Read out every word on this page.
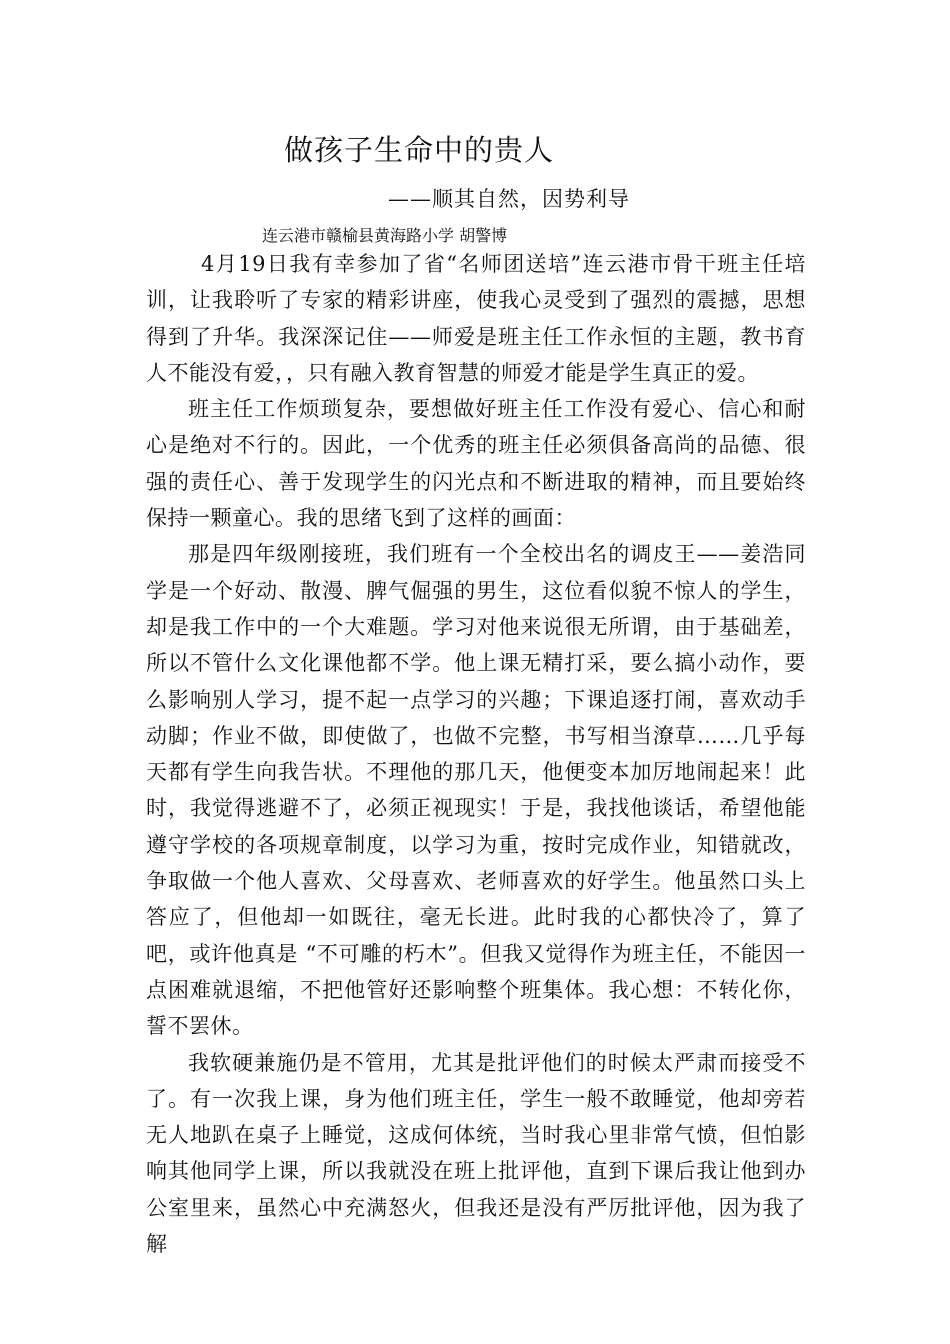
做孩子生命中的贵人
——顺其自然，因势利导
连云港市赣榆县黄海路小学 胡警博

4月19日我有幸参加了省“名师团送培”连云港市骨干班主任培训，让我聆听了专家的精彩讲座，使我心灵受到了强烈的震撼，思想得到了升华。我深深记住——师爱是班主任工作永恒的主题，教书育人不能没有爱，，只有融入教育智慧的师爱才能是学生真正的爱。

班主任工作烦琐复杂，要想做好班主任工作没有爱心、信心和耐心是绝对不行的。因此，一个优秀的班主任必须俱备高尚的品德、很强的责任心、善于发现学生的闪光点和不断进取的精神，而且要始终保持一颗童心。我的思绪飞到了这样的画面：

那是四年级刚接班，我们班有一个全校出名的调皮王——姜浩同学是一个好动、散漫、脾气倔强的男生，这位看似貌不惊人的学生，却是我工作中的一个大难题。学习对他来说很无所谓，由于基础差，所以不管什么文化课他都不学。他上课无精打采，要么搞小动作，要么影响别人学习，提不起一点学习的兴趣；下课追逐打闹，喜欢动手动脚；作业不做，即使做了，也做不完整，书写相当潦草……几乎每天都有学生向我告状。不理他的那几天，他便变本加厉地闹起来！此时，我觉得逃避不了，必须正视现实！于是，我找他谈话，希望他能遵守学校的各项规章制度，以学习为重，按时完成作业，知错就改，争取做一个他人喜欢、父母喜欢、老师喜欢的好学生。他虽然口头上答应了，但他却一如既往，毫无长进。此时我的心都快冷了，算了吧，或许他真是 “不可雕的朽木”。但我又觉得作为班主任，不能因一点困难就退缩，不把他管好还影响整个班集体。我心想：不转化你，誓不罢休。

我软硬兼施仍是不管用，尤其是批评他们的时候太严肃而接受不了。有一次我上课，身为他们班主任，学生一般不敢睡觉，他却旁若无人地趴在桌子上睡觉，这成何体统，当时我心里非常气愤，但怕影响其他同学上课，所以我就没在班上批评他，直到下课后我让他到办公室里来，虽然心中充满怒火，但我还是没有严厉批评他，因为我了解
